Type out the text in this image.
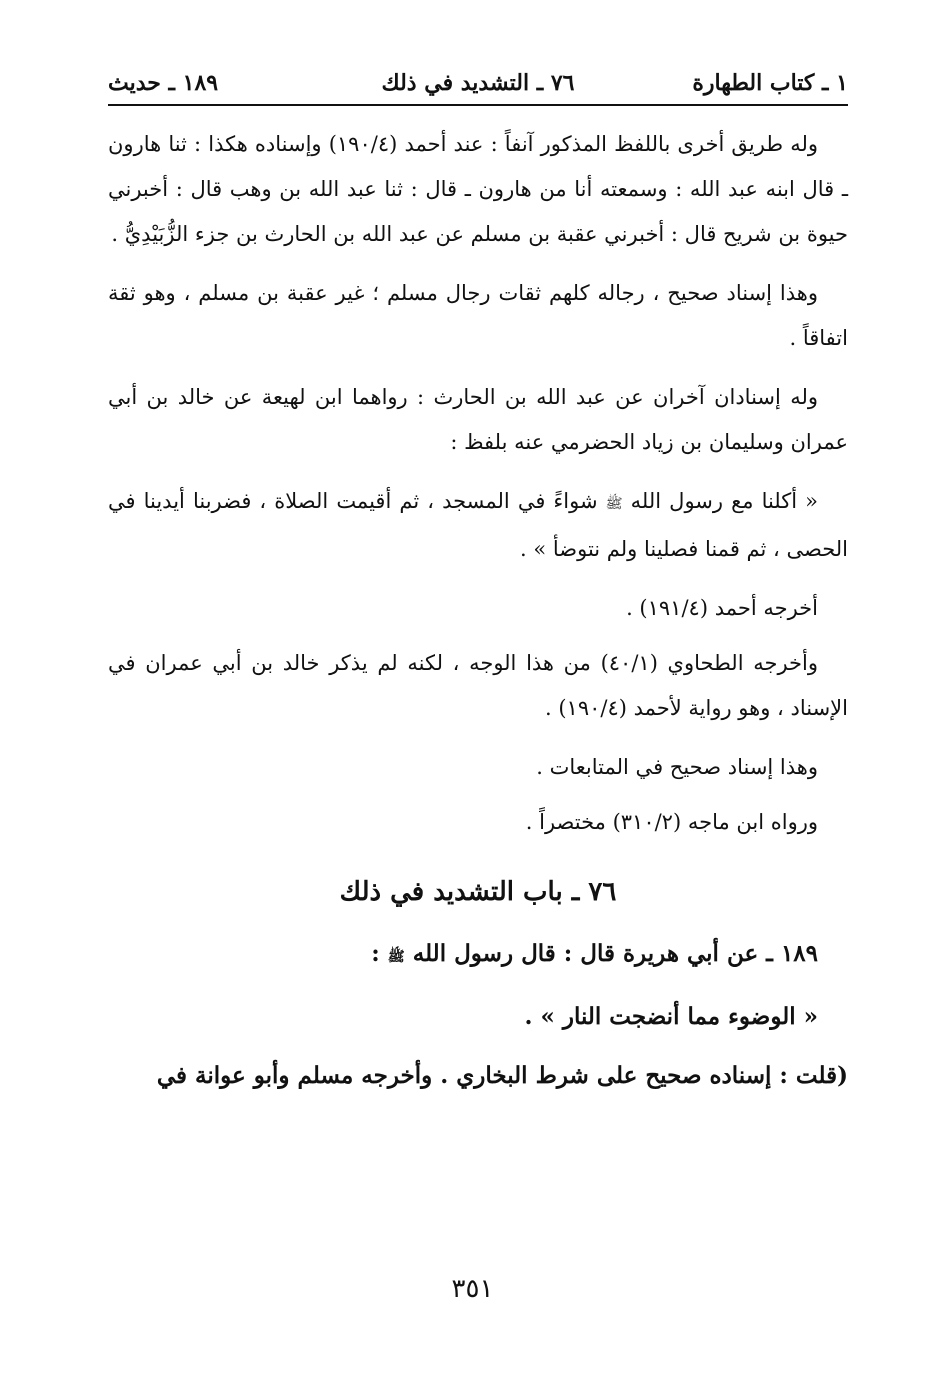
١ ـ كتاب الطهارة
٧٦ ـ التشديد في ذلك
١٨٩ ـ حديث

وله طريق أخرى باللفظ المذكور آنفاً : عند أحمد (١٩٠/٤) وإسناده هكذا : ثنا هارون ـ قال ابنه عبد الله : وسمعته أنا من هارون ـ قال : ثنا عبد الله بن وهب قال : أخبرني حيوة بن شريح قال : أخبرني عقبة بن مسلم عن عبد الله بن الحارث بن جزء الزُّبَيْدِيُّ .

وهذا إسناد صحيح ، رجاله كلهم ثقات رجال مسلم ؛ غير عقبة بن مسلم ، وهو ثقة اتفاقاً .

وله إسنادان آخران عن عبد الله بن الحارث : رواهما ابن لهيعة عن خالد بن أبي عمران وسليمان بن زياد الحضرمي عنه بلفظ :

« أكلنا مع رسول الله ﷺ شواءً في المسجد ، ثم أقيمت الصلاة ، فضربنا أيدينا في الحصى ، ثم قمنا فصلينا ولم نتوضأ » .

أخرجه أحمد (١٩١/٤) .

وأخرجه الطحاوي (٤٠/١) من هذا الوجه ، لكنه لم يذكر خالد بن أبي عمران في الإسناد ، وهو رواية لأحمد (١٩٠/٤) .

وهذا إسناد صحيح في المتابعات .

ورواه ابن ماجه (٣١٠/٢) مختصراً .

٧٦ ـ باب التشديد في ذلك

١٨٩ ـ عن أبي هريرة قال : قال رسول الله ﷺ :

« الوضوء مما أنضجت النار » .

(قلت : إسناده صحيح على شرط البخاري . وأخرجه مسلم وأبو عوانة في

٣٥١
